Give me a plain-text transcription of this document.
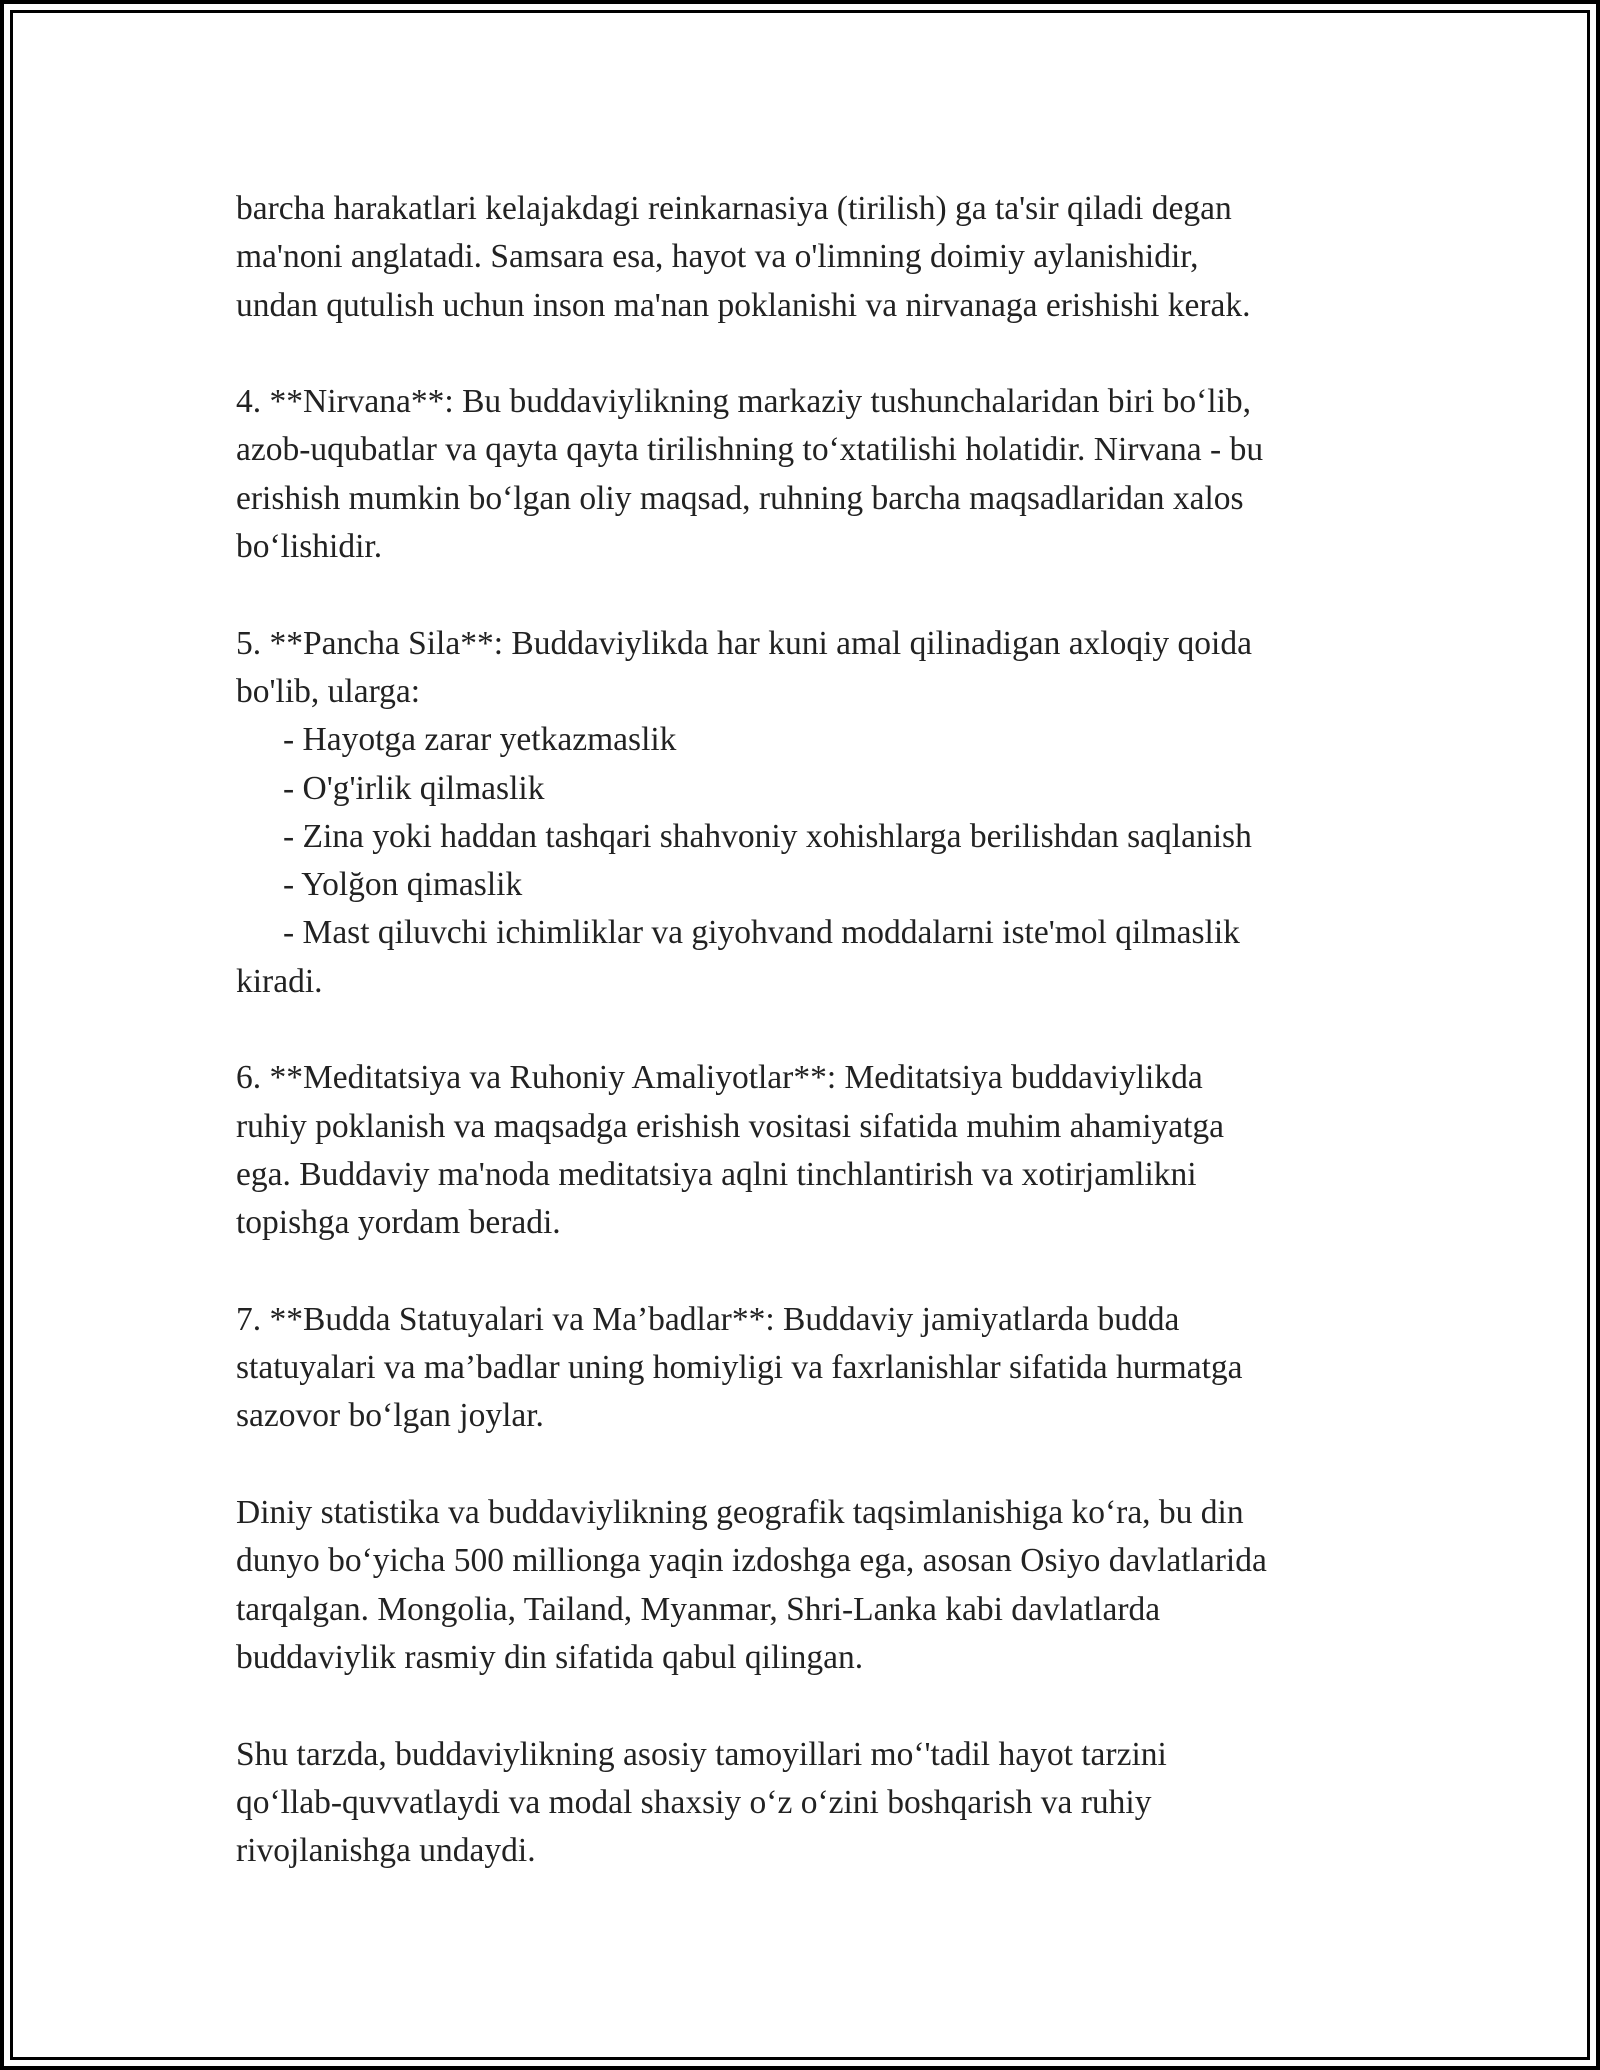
barcha harakatlari kelajakdagi reinkarnasiya (tirilish) ga ta'sir qiladi degan
ma'noni anglatadi. Samsara esa, hayot va o'limning doimiy aylanishidir,
undan qutulish uchun inson ma'nan poklanishi va nirvanaga erishishi kerak.

4. **Nirvana**: Bu buddaviylikning markaziy tushunchalaridan biri bo‘lib,
azob-uqubatlar va qayta qayta tirilishning to‘xtatilishi holatidir. Nirvana - bu
erishish mumkin bo‘lgan oliy maqsad, ruhning barcha maqsadlaridan xalos
bo‘lishidir.

5. **Pancha Sila**: Buddaviylikda har kuni amal qilinadigan axloqiy qoida
bo'lib, ularga:
- Hayotga zarar yetkazmaslik
- O'g'irlik qilmaslik
- Zina yoki haddan tashqari shahvoniy xohishlarga berilishdan saqlanish
- Yolğon qimaslik
- Mast qiluvchi ichimliklar va giyohvand moddalarni iste'mol qilmaslik
kiradi.

6. **Meditatsiya va Ruhoniy Amaliyotlar**: Meditatsiya buddaviylikda
ruhiy poklanish va maqsadga erishish vositasi sifatida muhim ahamiyatga
ega. Buddaviy ma'noda meditatsiya aqlni tinchlantirish va xotirjamlikni
topishga yordam beradi.

7. **Budda Statuyalari va Ma’badlar**: Buddaviy jamiyatlarda budda
statuyalari va ma’badlar uning homiyligi va faxrlanishlar sifatida hurmatga
sazovor bo‘lgan joylar.

Diniy statistika va buddaviylikning geografik taqsimlanishiga ko‘ra, bu din
dunyo bo‘yicha 500 millionga yaqin izdoshga ega, asosan Osiyo davlatlarida
tarqalgan. Mongolia, Tailand, Myanmar, Shri-Lanka kabi davlatlarda
buddaviylik rasmiy din sifatida qabul qilingan.

Shu tarzda, buddaviylikning asosiy tamoyillari mo‘'tadil hayot tarzini
qo‘llab-quvvatlaydi va modal shaxsiy o‘z o‘zini boshqarish va ruhiy
rivojlanishga undaydi.
